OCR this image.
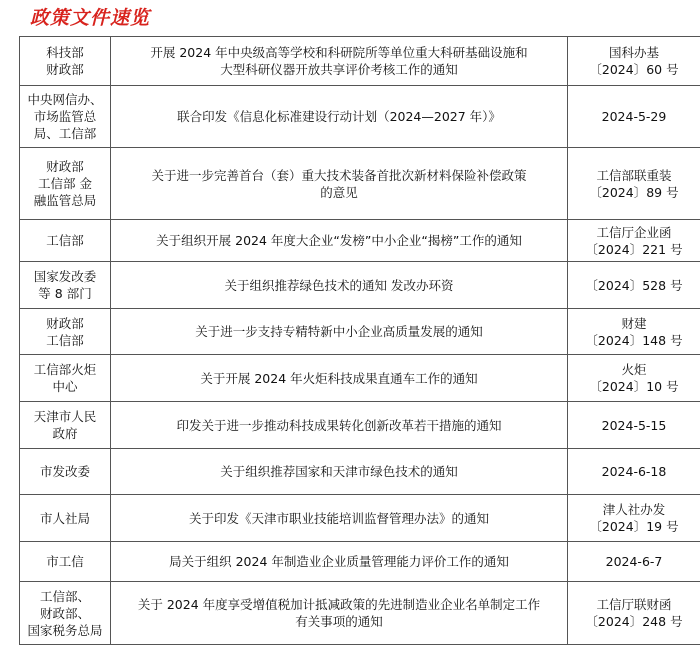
政策文件速览
科技部
财政部	开展 2024 年中央级高等学校和科研院所等单位重大科研基础设施和
大型科研仪器开放共享评价考核工作的通知	国科办基
〔2024〕60 号

中央网信办、
市场监管总
局、工信部	联合印发《信息化标准建设行动计划（2024—2027 年）》	2024-5-29

财政部
工信部 金
融监管总局	关于进一步完善首台（套）重大技术装备首批次新材料保险补偿政策
的意见	工信部联重装
〔2024〕89 号

工信部	关于组织开展 2024 年度大企业“发榜”中小企业“揭榜”工作的通知	工信厅企业函
〔2024〕221 号

国家发改委
等 8 部门	关于组织推荐绿色技术的通知 发改办环资	〔2024〕528 号

财政部
工信部	关于进一步支持专精特新中小企业高质量发展的通知	财建
〔2024〕148 号

工信部火炬
中心	关于开展 2024 年火炬科技成果直通车工作的通知	火炬
〔2024〕10 号

天津市人民
政府	印发关于进一步推动科技成果转化创新改革若干措施的通知	2024-5-15

市发改委	关于组织推荐国家和天津市绿色技术的通知	2024-6-18

市人社局	关于印发《天津市职业技能培训监督管理办法》的通知	津人社办发
〔2024〕19 号

市工信	局关于组织 2024 年制造业企业质量管理能力评价工作的通知	2024-6-7

工信部、
财政部、
国家税务总局	关于 2024 年度享受增值税加计抵减政策的先进制造业企业名单制定工作
有关事项的通知	工信厅联财函
〔2024〕248 号
